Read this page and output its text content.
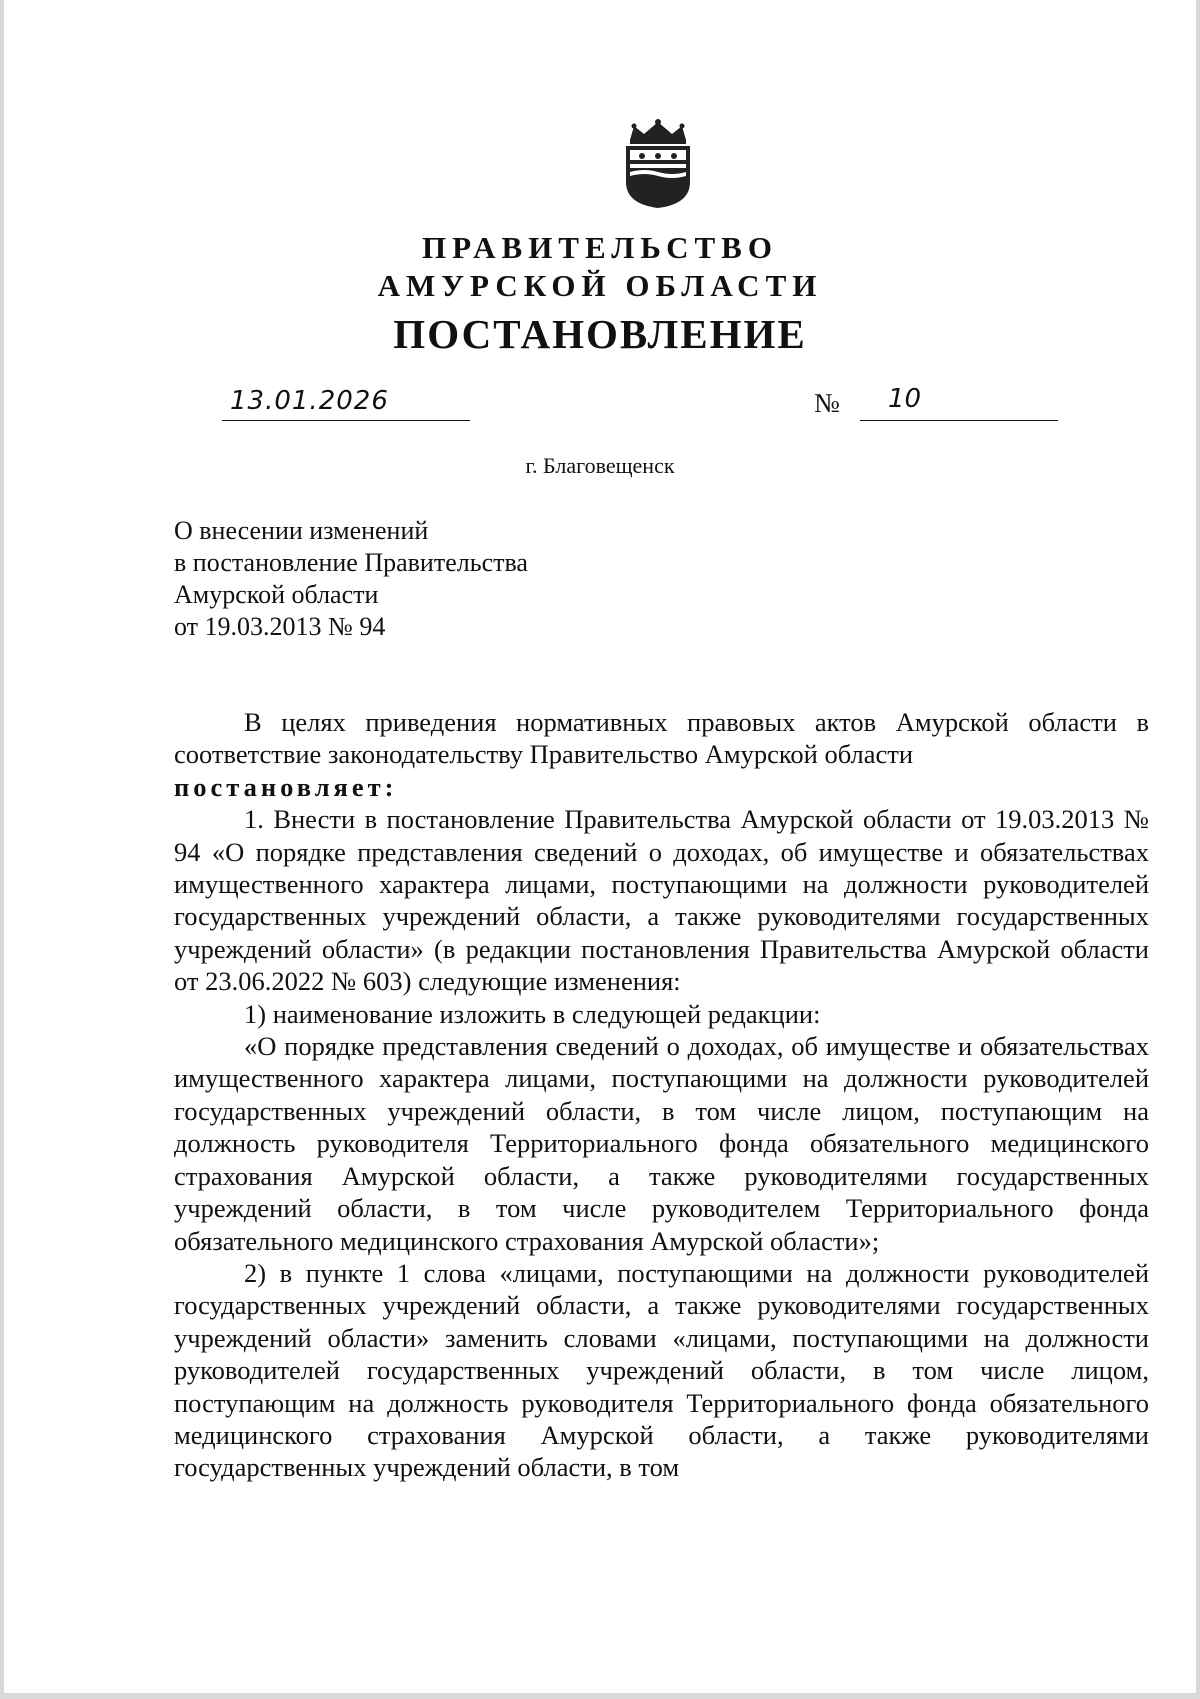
ПРАВИТЕЛЬСТВО
АМУРСКОЙ ОБЛАСТИ
ПОСТАНОВЛЕНИЕ
13.01.2026	№ 10
г. Благовещенск
О внесении изменений
в постановление Правительства
Амурской области
от 19.03.2013 № 94

В целях приведения нормативных правовых актов Амурской области в соответствие законодательству Правительство Амурской области

постановляет:

1. Внести в постановление Правительства Амурской области от 19.03.2013 № 94 «О порядке представления сведений о доходах, об имуществе и обязательствах имущественного характера лицами, поступающими на должности руководителей государственных учреждений области, а также руководителями государственных учреждений области» (в редакции постановления Правительства Амурской области от 23.06.2022 № 603) следующие изменения:

1) наименование изложить в следующей редакции:

«О порядке представления сведений о доходах, об имуществе и обязательствах имущественного характера лицами, поступающими на должности руководителей государственных учреждений области, в том числе лицом, поступающим на должность руководителя Территориального фонда обязательного медицинского страхования Амурской области, а также руководителями государственных учреждений области, в том числе руководителем Территориального фонда обязательного медицинского страхования Амурской области»;

2) в пункте 1 слова «лицами, поступающими на должности руководителей государственных учреждений области, а также руководителями государственных учреждений области» заменить словами «лицами, поступающими на должности руководителей государственных учреждений области, в том числе лицом, поступающим на должность руководителя Территориального фонда обязательного медицинского страхования Амурской области, а также руководителями государственных учреждений области, в том
